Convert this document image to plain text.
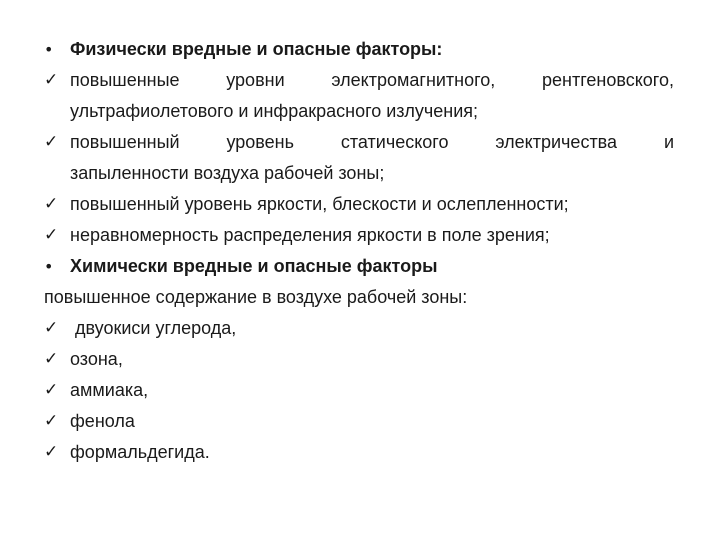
• Физически вредные и опасные факторы:
✓ повышенные	уровни	электромагнитного,	рентгеновского,
ультрафиолетового и инфракрасного излучения;
✓ повышенный	уровень	статического	электричества	и
запыленности воздуха рабочей зоны;
✓ повышенный уровень яркости, блескости и ослепленности;
✓ неравномерность распределения яркости в поле зрения;
• Химически вредные и опасные факторы
повышенное содержание в воздухе рабочей зоны:
✓ двуокиси углерода,
✓ озона,
✓ аммиака,
✓ фенола
✓ формальдегида.
